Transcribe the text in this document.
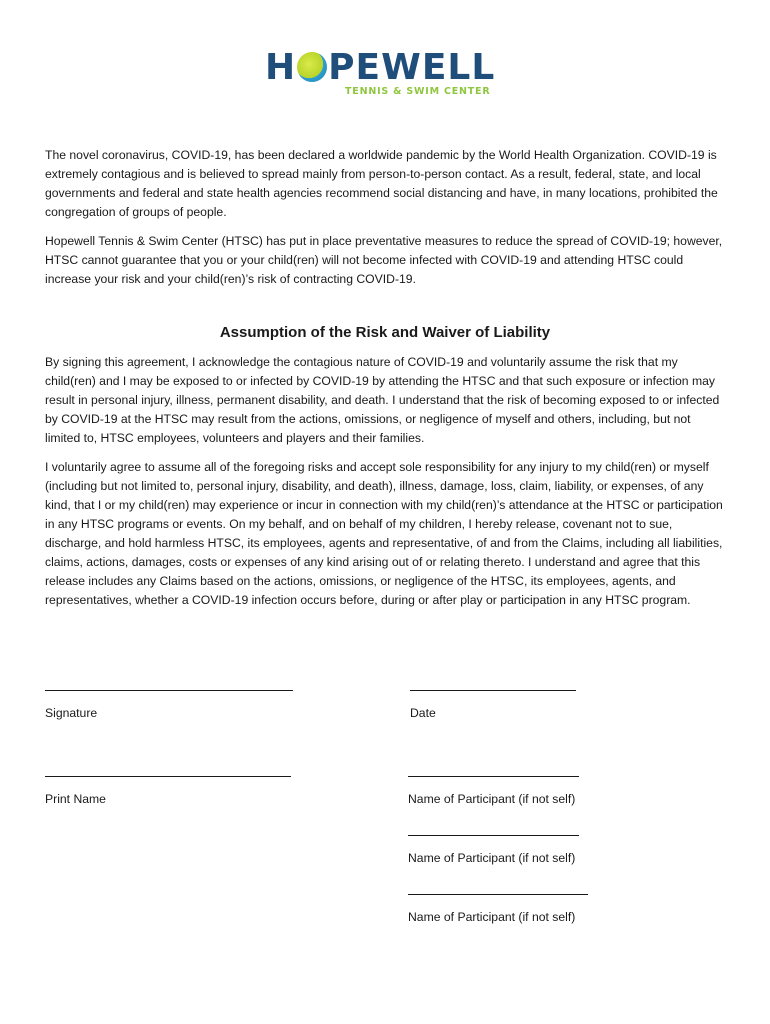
H PEWELL
TENNIS & SWIM CENTER

The novel coronavirus, COVID-19, has been declared a worldwide pandemic by the World Health Organization. COVID-19 is extremely contagious and is believed to spread mainly from person-to-person contact. As a result, federal, state, and local governments and federal and state health agencies recommend social distancing and have, in many locations, prohibited the congregation of groups of people.

Hopewell Tennis & Swim Center (HTSC) has put in place preventative measures to reduce the spread of COVID-19; however, HTSC cannot guarantee that you or your child(ren) will not become infected with COVID-19 and attending HTSC could increase your risk and your child(ren)’s risk of contracting COVID-19.

Assumption of the Risk and Waiver of Liability

By signing this agreement, I acknowledge the contagious nature of COVID-19 and voluntarily assume the risk that my child(ren) and I may be exposed to or infected by COVID-19 by attending the HTSC and that such exposure or infection may result in personal injury, illness, permanent disability, and death. I understand that the risk of becoming exposed to or infected by COVID-19 at the HTSC may result from the actions, omissions, or negligence of myself and others, including, but not limited to, HTSC employees, volunteers and players and their families.

I voluntarily agree to assume all of the foregoing risks and accept sole responsibility for any injury to my child(ren) or myself (including but not limited to, personal injury, disability, and death), illness, damage, loss, claim, liability, or expenses, of any kind, that I or my child(ren) may experience or incur in connection with my child(ren)’s attendance at the HTSC or participation in any HTSC programs or events. On my behalf, and on behalf of my children, I hereby release, covenant not to sue, discharge, and hold harmless HTSC, its employees, agents and representative, of and from the Claims, including all liabilities, claims, actions, damages, costs or expenses of any kind arising out of or relating thereto. I understand and agree that this release includes any Claims based on the actions, omissions, or negligence of the HTSC, its employees, agents, and representatives, whether a COVID-19 infection occurs before, during or after play or participation in any HTSC program.

Signature	Date
Print Name	Name of Participant (if not self)
Name of Participant (if not self)
Name of Participant (if not self)
